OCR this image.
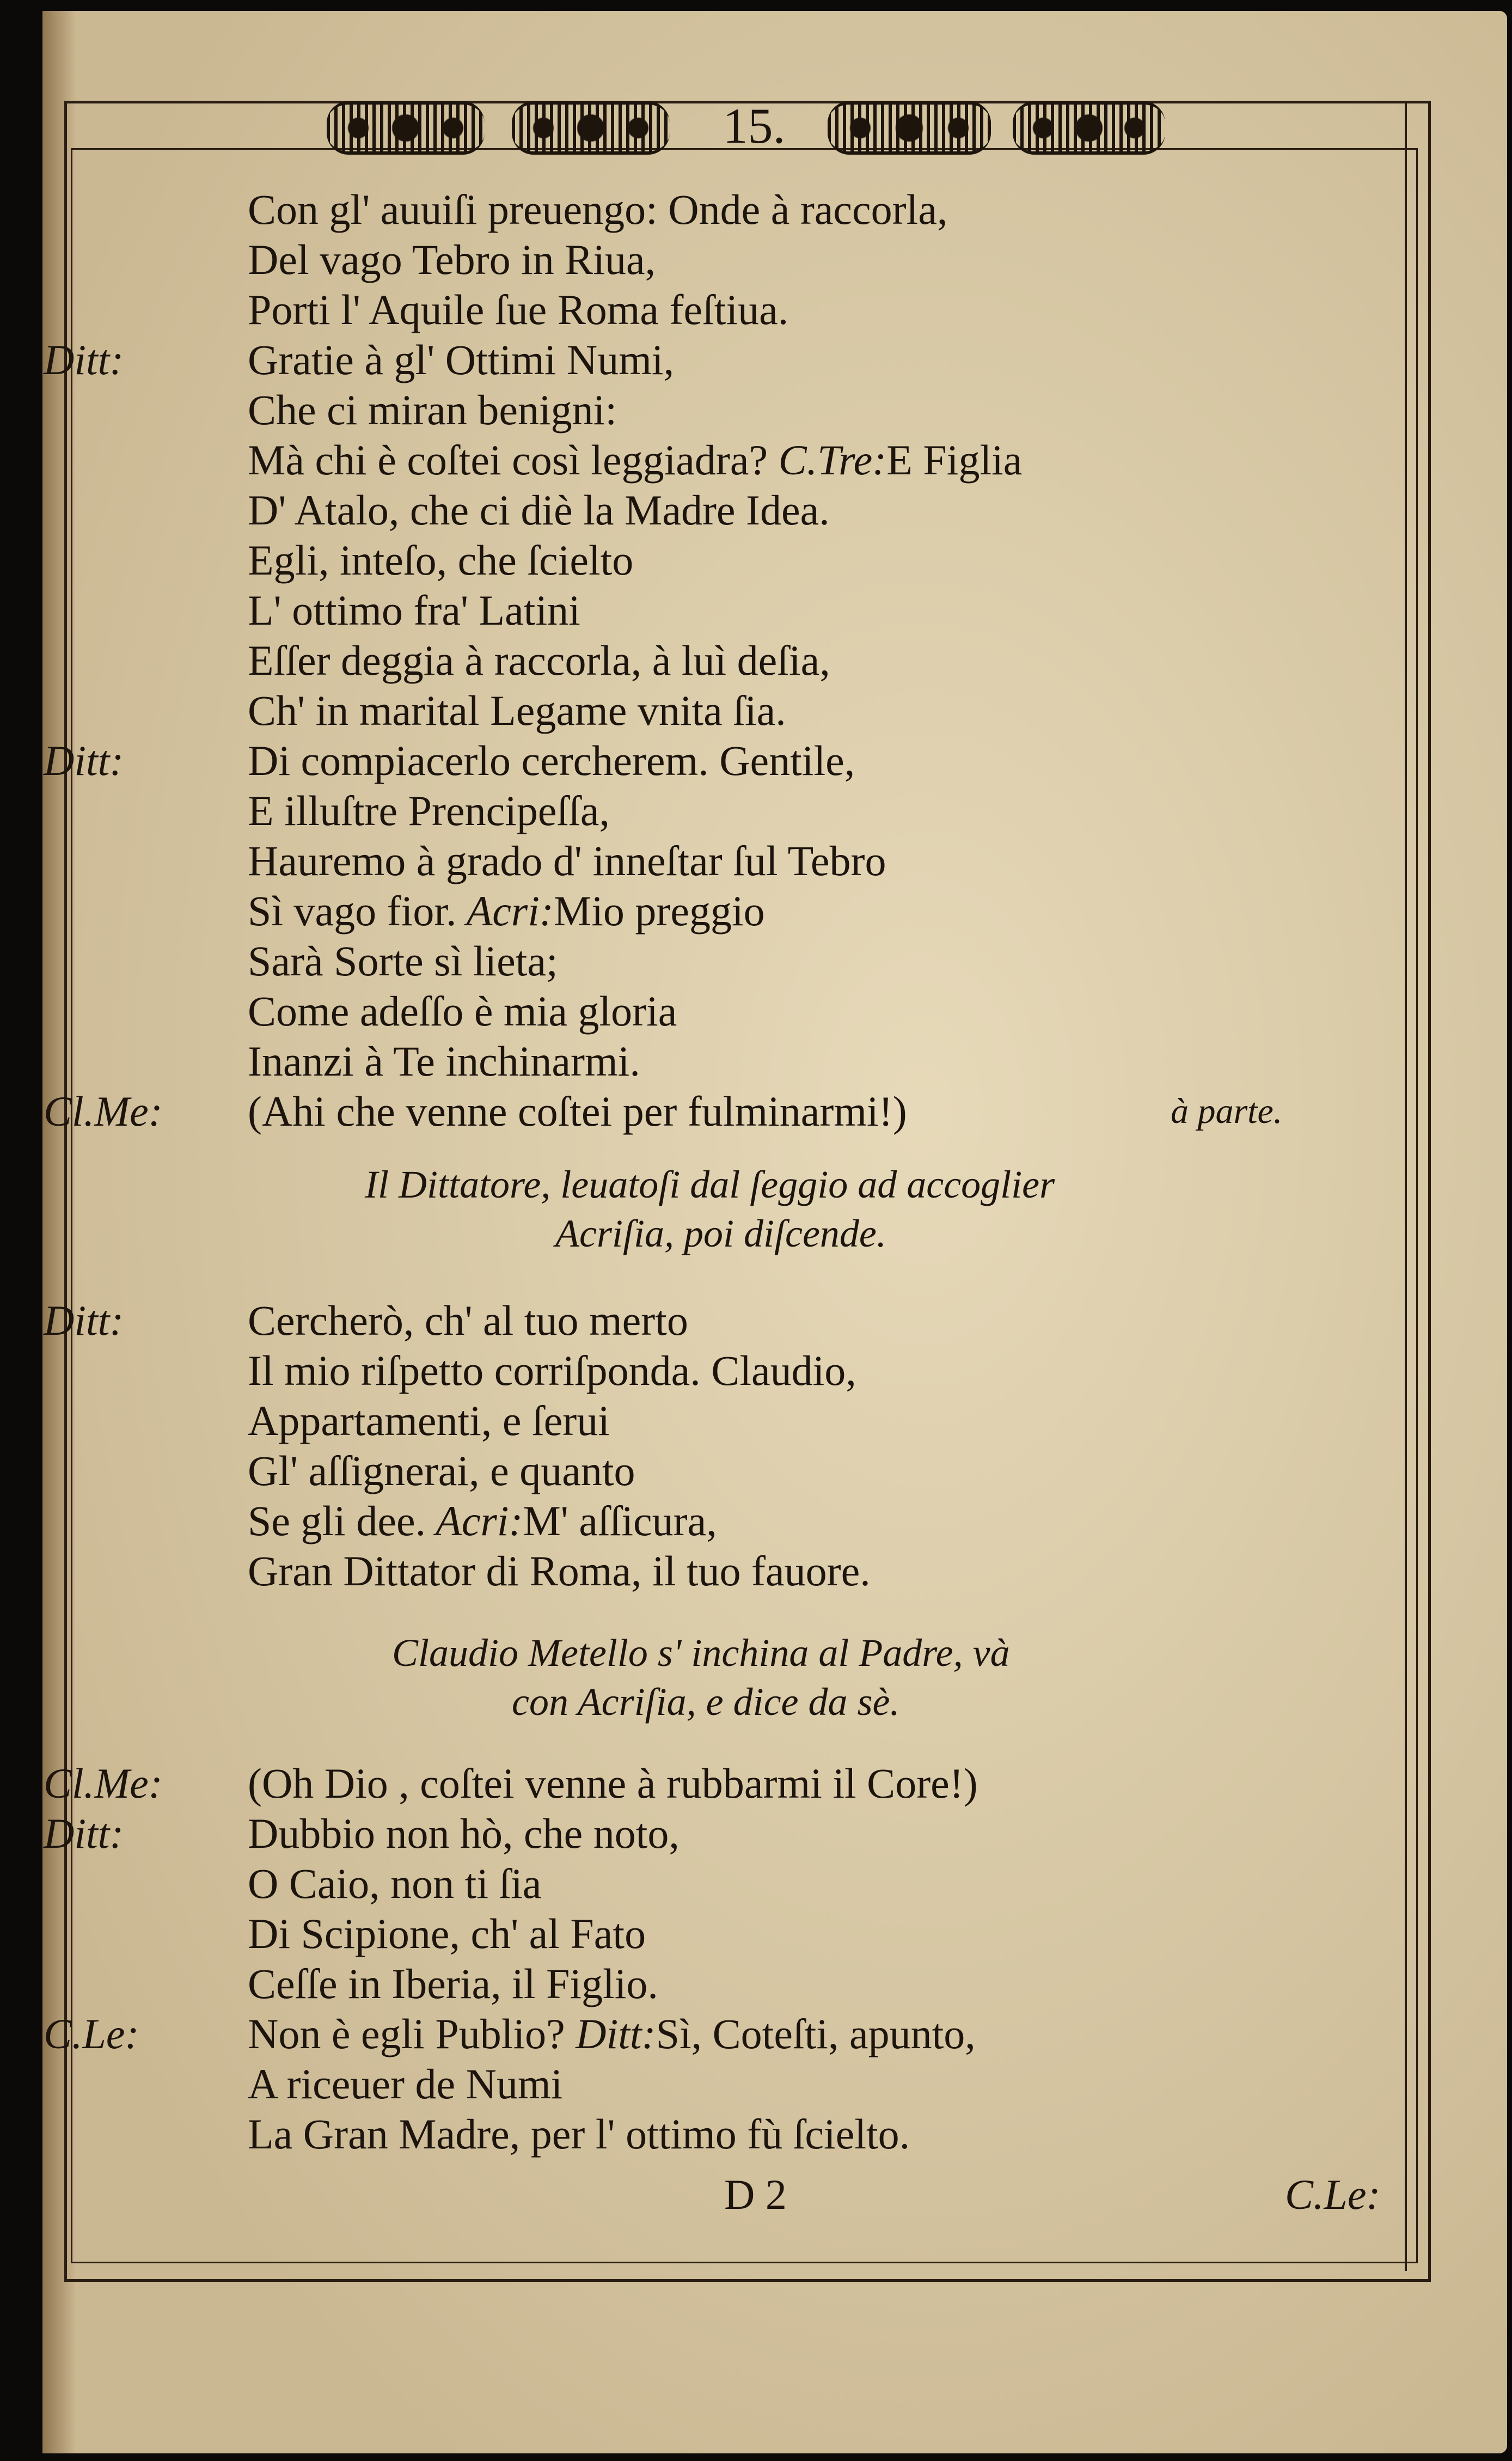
15.
Con gl' auuiſi preuengo: Onde à raccorla,
Del vago Tebro in Riua,
Porti l' Aquile ſue Roma feſtiua.
Ditt:	Gratie à gl' Ottimi Numi,
Che ci miran benigni:
Mà chi è coſtei così leggiadra? C.Tre:E Figlia
D' Atalo, che ci diè la Madre Idea.
Egli, inteſo, che ſcielto
L' ottimo fra' Latini
Eſſer deggia à raccorla, à luì deſia,
Ch' in marital Legame vnita ſia.
Ditt:	Di compiacerlo cercherem. Gentile,
E illuſtre Prencipeſſa,
Hauremo à grado d' inneſtar ſul Tebro
Sì vago fior. Acri:Mio preggio
Sarà Sorte sì lieta;
Come adeſſo è mia gloria
Inanzi à Te inchinarmi.
Cl.Me: (Ahi che venne coſtei per fulminarmi!)	à parte.
Il Dittatore, leuatoſi dal ſeggio ad accoglier
Acriſia, poi diſcende.
Ditt:	Cercherò, ch' al tuo merto
Il mio riſpetto corriſponda. Claudio,
Appartamenti, e ſerui
Gl' aſſignerai, e quanto
Se gli dee. Acri:M' aſſicura,
Gran Dittator di Roma, il tuo fauore.
Claudio Metello s' inchina al Padre, và
con Acriſia, e dice da sè.
Cl.Me: (Oh Dio , coſtei venne à rubbarmi il Core!)
Ditt:	Dubbio non hò, che noto,
O Caio, non ti ſia
Di Scipione, ch' al Fato
Ceſſe in Iberia, il Figlio.
C.Le:	Non è egli Publio? Ditt:Sì, Coteſti, apunto,
A riceuer de Numi
La Gran Madre, per l' ottimo fù ſcielto.
D 2	C.Le:
